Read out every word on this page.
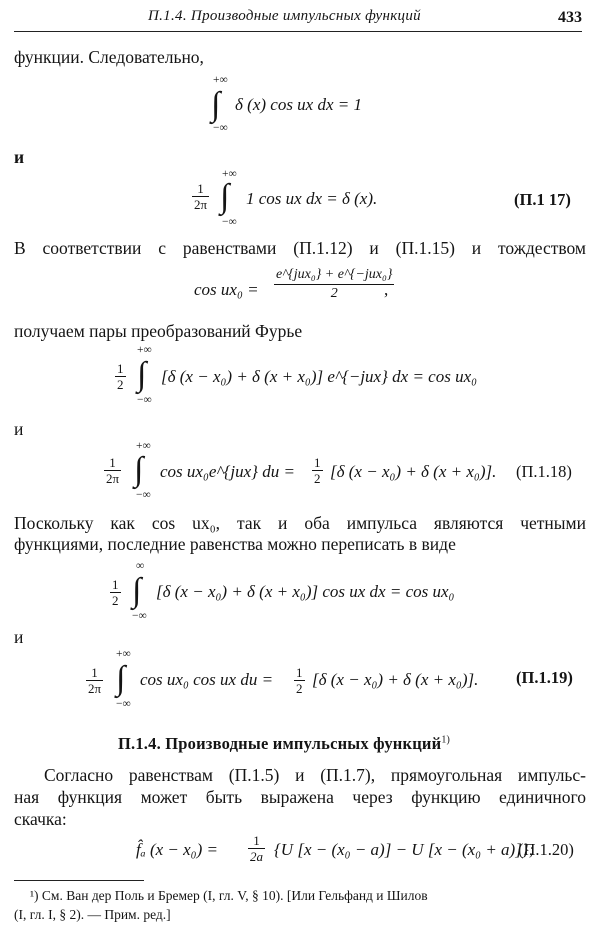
П.1.4. Производные импульсных функций	433
функции. Следовательно,
+∞
∫
−∞
δ (x) cos ux dx = 1
и
$\frac{1}{2\pi}$
+∞
∫
−∞
1 cos ux dx = δ (x).	(П.1 17)
В соответствии с равенствами (П.1.12) и (П.1.15) и тождеством
cos ux₀ =
e^{jux₀} + e^{−jux₀}
2	,
получаем пары преобразований Фурье
$\frac{1}{2}$
+∞
∫
−∞
[δ (x − x₀) + δ (x + x₀)] e^{−jux} dx = cos ux₀
и
$\frac{1}{2\pi}$
+∞
∫
−∞
cos ux₀e^{jux} du = $\frac{1}{2} [\delta$ (x − x₀) + δ (x + x₀)]. (П.1.18)
Поскольку как cos ux₀, так и оба импульса являются четными
функциями, последние равенства можно переписать в виде
$\frac{1}{2}$
∞
∫
−∞
[δ (x − x₀) + δ (x + x₀)] cos ux dx = cos ux₀
и
$\frac{1}{2\pi}$
+∞
∫
−∞
cos ux₀ cos ux du = $\frac{1}{2} [\delta$ (x − x₀) + δ (x + x₀)]. (П.1.19)
П.1.4. Производные импульсных функций$^{1)}$
Согласно равенствам (П.1.5) и (П.1.7), прямоугольная импульс-
ная функция может быть выражена через функцию единичного
скачка:
f̂ₐ $(x - x_0) = \frac{1}{2a} \{U$ [x − (x₀ − a)] − U [x − (x₀ + a)]};
(П.1.20)
¹) См. Ван дер Поль и Бремер (I, гл. V, § 10). [Или Гельфанд и Шилов
(I, гл. I, § 2). — Прим. ред.]
